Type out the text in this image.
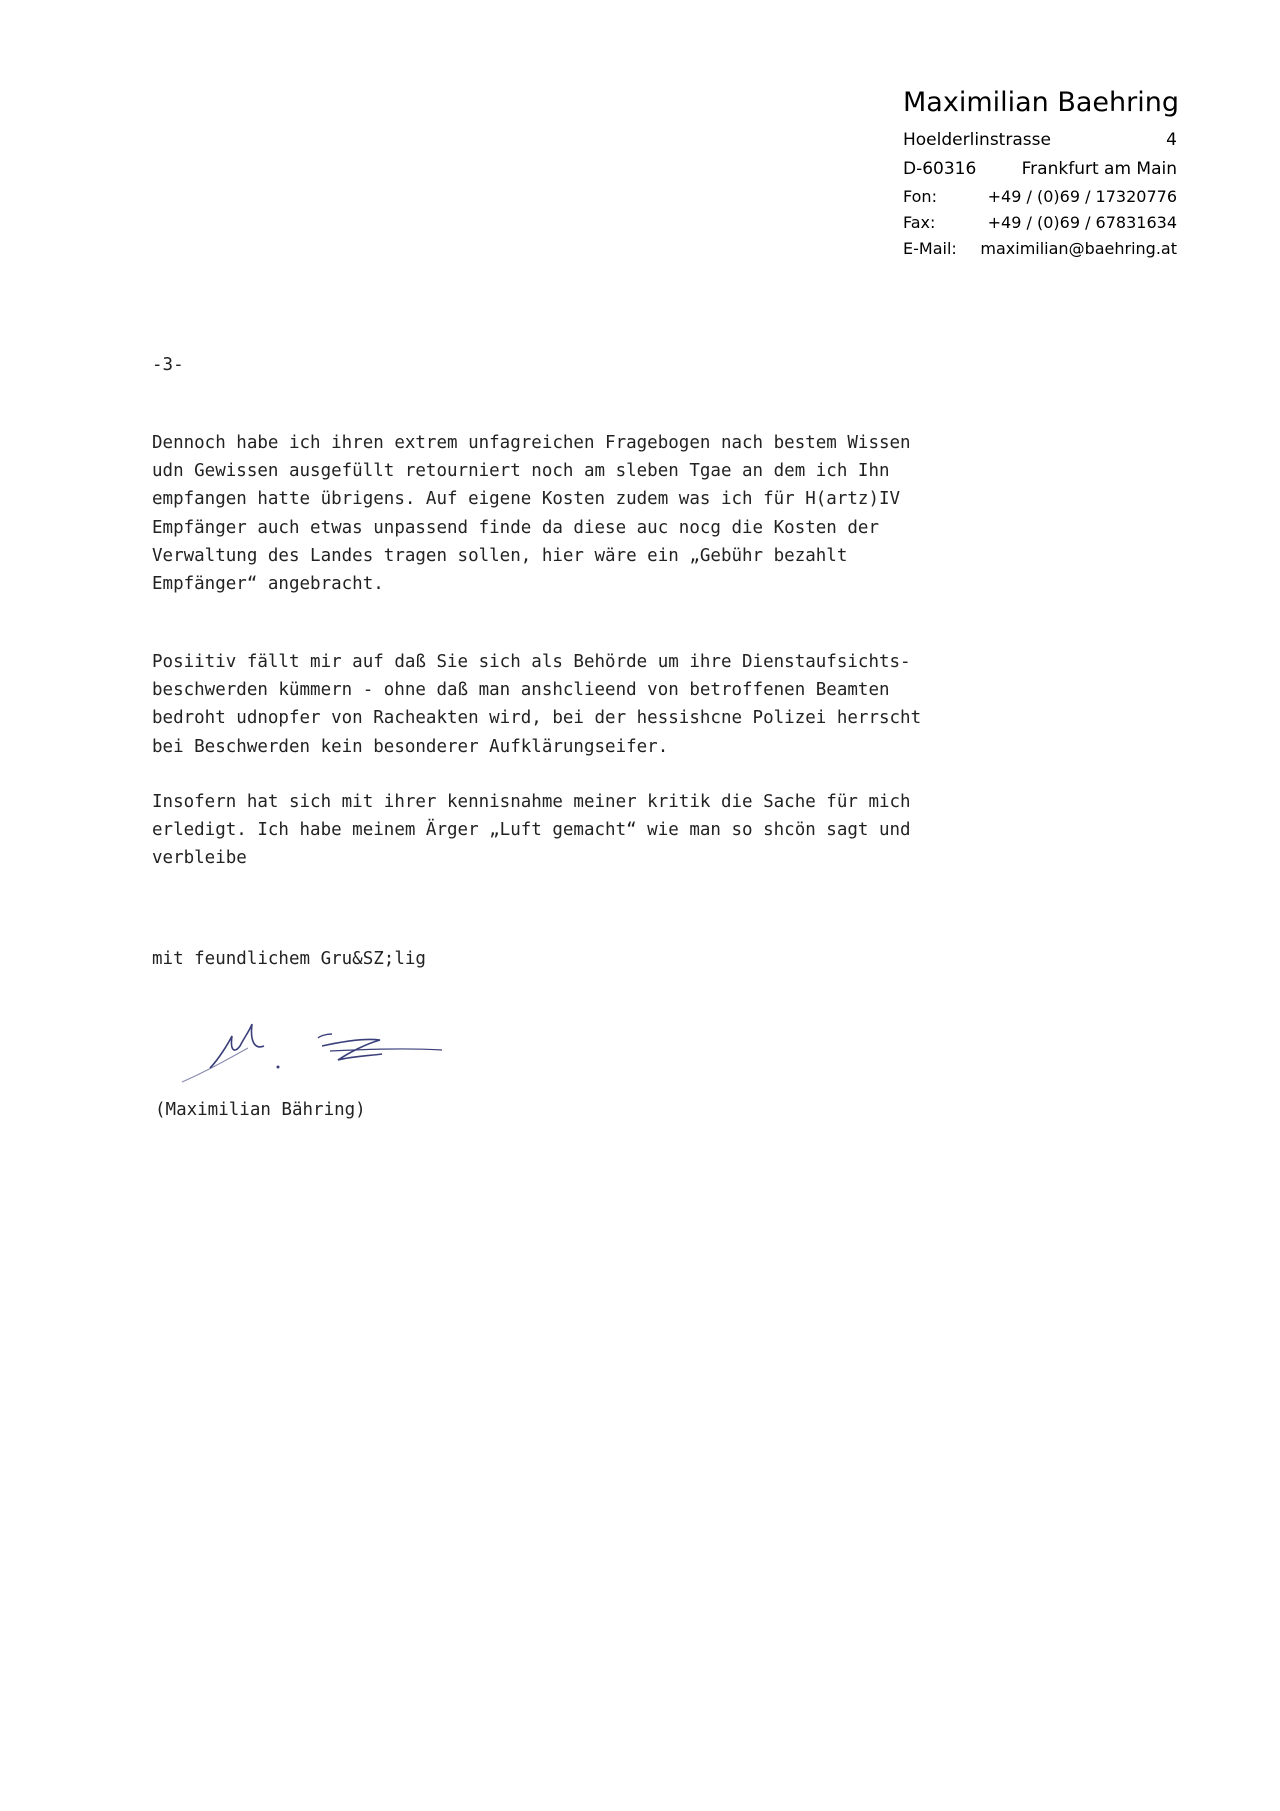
Maximilian Baehring
Hoelderlinstrasse	4
D-60316	Frankfurt am Main
Fon:	+49 / (0)69 / 17320776
Fax:	+49 / (0)69 / 67831634
E-Mail:	maximilian@baehring.at
-3-

Dennoch habe ich ihren extrem unfagreichen Fragebogen nach bestem Wissen
udn Gewissen ausgefüllt retourniert noch am sleben Tgae an dem ich Ihn
empfangen hatte übrigens. Auf eigene Kosten zudem was ich für H(artz)IV
Empfänger auch etwas unpassend finde da diese auc nocg die Kosten der
Verwaltung des Landes tragen sollen, hier wäre ein „Gebühr bezahlt
Empfänger“ angebracht.

Posiitiv fällt mir auf daß Sie sich als Behörde um ihre Dienstaufsichts-
beschwerden kümmern - ohne daß man anshclieend von betroffenen Beamten
bedroht udnopfer von Racheakten wird, bei der hessishcne Polizei herrscht
bei Beschwerden kein besonderer Aufklärungseifer.

Insofern hat sich mit ihrer kennisnahme meiner kritik die Sache für mich
erledigt. Ich habe meinem Ärger „Luft gemacht“ wie man so shcön sagt und
verbleibe

mit feundlichem Gru&SZ;lig
(Maximilian Bähring)
